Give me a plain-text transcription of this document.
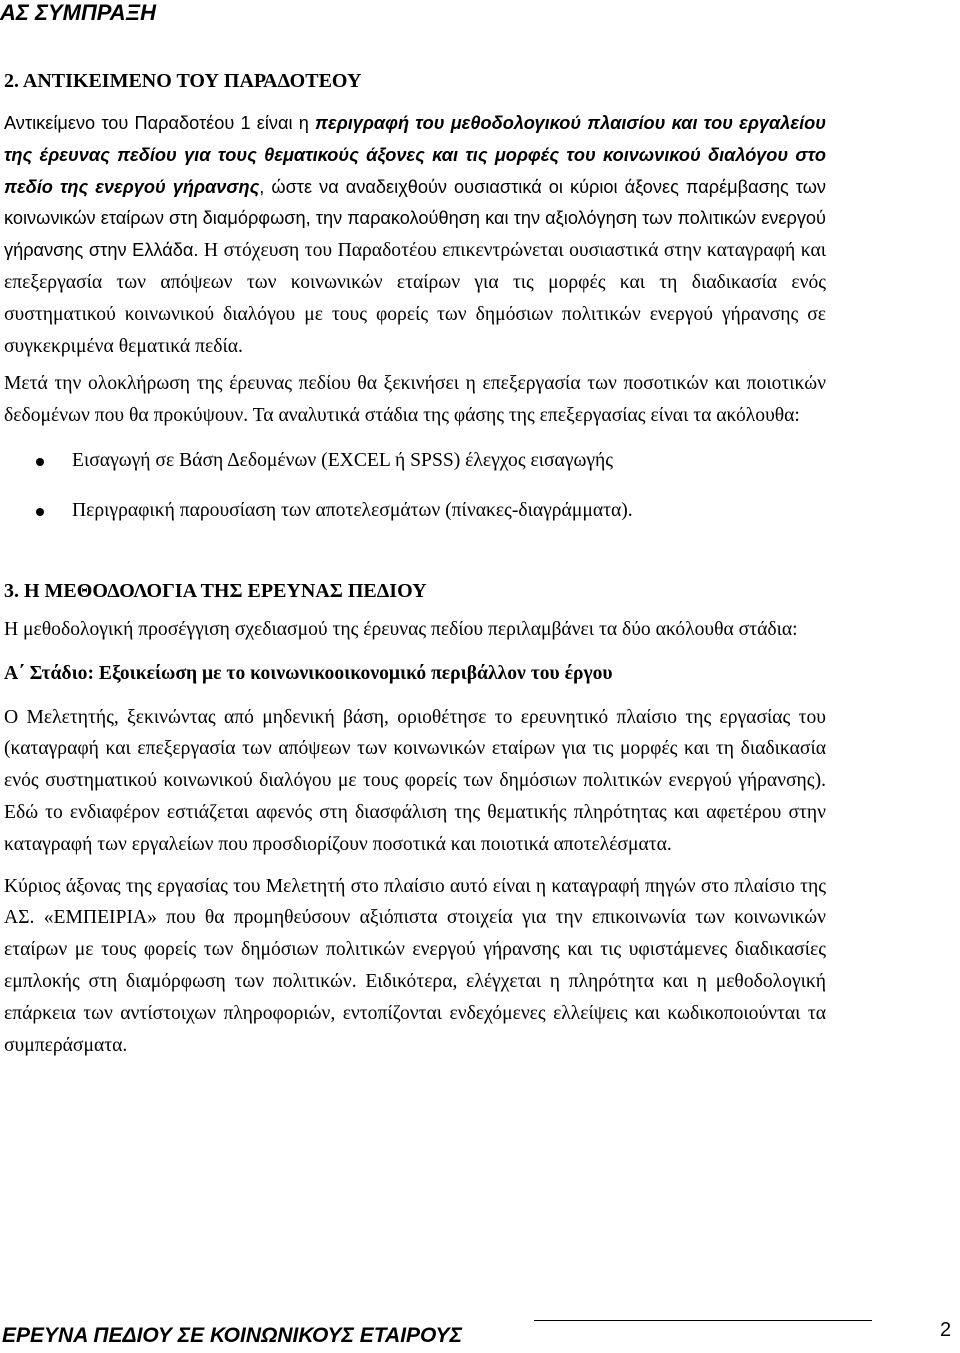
ΑΣ ΣΥΜΠΡΑΞΗ
2. ΑΝΤΙΚΕΙΜΕΝΟ ΤΟΥ ΠΑΡΑΔΟΤΕΟΥ

Αντικείμενο του Παραδοτέου 1 είναι η περιγραφή του μεθοδολογικού πλαισίου και του εργαλείου της έρευνας πεδίου για τους θεματικούς άξονες και τις μορφές του κοινωνικού διαλόγου στο πεδίο της ενεργού γήρανσης, ώστε να αναδειχθούν ουσιαστικά οι κύριοι άξονες παρέμβασης των κοινωνικών εταίρων στη διαμόρφωση, την παρακολούθηση και την αξιολόγηση των πολιτικών ενεργού γήρανσης στην Ελλάδα. Η στόχευση του Παραδοτέου επικεντρώνεται ουσιαστικά στην καταγραφή και επεξεργασία των απόψεων των κοινωνικών εταίρων για τις μορφές και τη διαδικασία ενός συστηματικού κοινωνικού διαλόγου με τους φορείς των δημόσιων πολιτικών ενεργού γήρανσης σε συγκεκριμένα θεματικά πεδία.

Μετά την ολοκλήρωση της έρευνας πεδίου θα ξεκινήσει η επεξεργασία των ποσοτικών και ποιοτικών δεδομένων που θα προκύψουν. Τα αναλυτικά στάδια της φάσης της επεξεργασίας είναι τα ακόλουθα:

Εισαγωγή σε Βάση Δεδομένων (EXCEL ή SPSS) έλεγχος εισαγωγής
Περιγραφική παρουσίαση των αποτελεσμάτων (πίνακες-διαγράμματα).
3. Η ΜΕΘΟΔΟΛΟΓΙΑ ΤΗΣ ΕΡΕΥΝΑΣ ΠΕΔΙΟΥ

Η μεθοδολογική προσέγγιση σχεδιασμού της έρευνας πεδίου περιλαμβάνει τα δύο ακόλουθα στάδια:

Α΄ Στάδιο: Εξοικείωση με το κοινωνικοοικονομικό περιβάλλον του έργου

Ο Μελετητής, ξεκινώντας από μηδενική βάση, οριοθέτησε το ερευνητικό πλαίσιο της εργασίας του (καταγραφή και επεξεργασία των απόψεων των κοινωνικών εταίρων για τις μορφές και τη διαδικασία ενός συστηματικού κοινωνικού διαλόγου με τους φορείς των δημόσιων πολιτικών ενεργού γήρανσης). Εδώ το ενδιαφέρον εστιάζεται αφενός στη διασφάλιση της θεματικής πληρότητας και αφετέρου στην καταγραφή των εργαλείων που προσδιορίζουν ποσοτικά και ποιοτικά αποτελέσματα.

Κύριος άξονας της εργασίας του Μελετητή στο πλαίσιο αυτό είναι η καταγραφή πηγών στο πλαίσιο της ΑΣ. «ΕΜΠΕΙΡΙΑ» που θα προμηθεύσουν αξιόπιστα στοιχεία για την επικοινωνία των κοινωνικών εταίρων με τους φορείς των δημόσιων πολιτικών ενεργού γήρανσης και τις υφιστάμενες διαδικασίες εμπλοκής στη διαμόρφωση των πολιτικών. Ειδικότερα, ελέγχεται η πληρότητα και η μεθοδολογική επάρκεια των αντίστοιχων πληροφοριών, εντοπίζονται ενδεχόμενες ελλείψεις και κωδικοποιούνται τα συμπεράσματα.

ΕΡΕΥΝΑ ΠΕΔΙΟΥ ΣΕ ΚΟΙΝΩΝΙΚΟΥΣ ΕΤΑΙΡΟΥΣ	2
